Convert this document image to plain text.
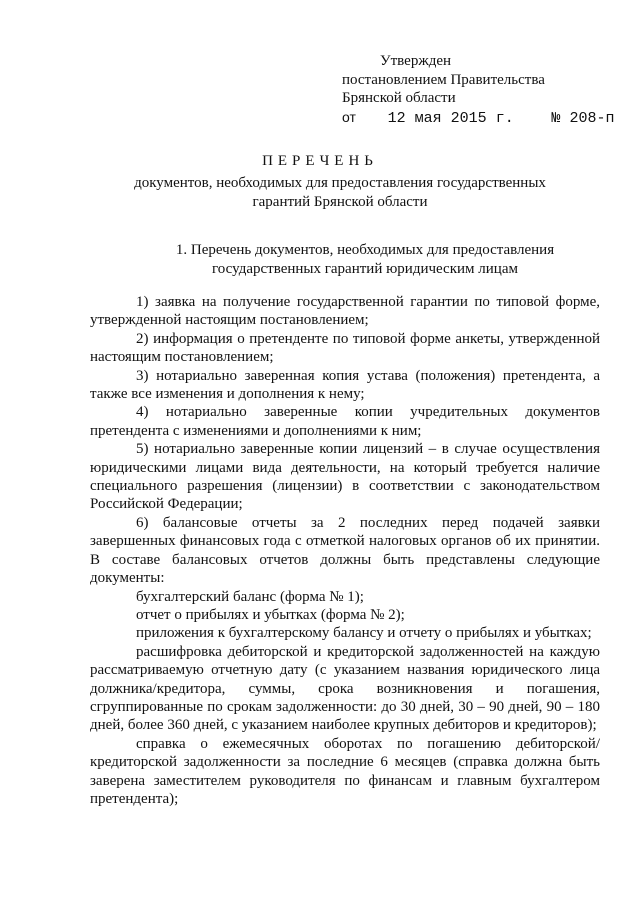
Утвержден
постановлением Правительства
Брянской области
от 12 мая 2015 г.	№ 208-п
ПЕРЕЧЕНЬ
документов, необходимых для предоставления государственных гарантий Брянской области
1. Перечень документов, необходимых для предоставления государственных гарантий юридическим лицам

1) заявка на получение государственной гарантии по типовой форме, утвержденной настоящим постановлением;

2) информация о претенденте по типовой форме анкеты, утвержденной настоящим постановлением;

3) нотариально заверенная копия устава (положения) претендента, а также все изменения и дополнения к нему;

4) нотариально заверенные копии учредительных документов претендента с изменениями и дополнениями к ним;

5) нотариально заверенные копии лицензий – в случае осуществления юридическими лицами вида деятельности, на который требуется наличие специального разрешения (лицензии) в соответствии с законодательством Российской Федерации;

6) балансовые отчеты за 2 последних перед подачей заявки завершенных финансовых года с отметкой налоговых органов об их принятии. В составе балансовых отчетов должны быть представлены следующие документы:

бухгалтерский баланс (форма № 1);

отчет о прибылях и убытках (форма № 2);

приложения к бухгалтерскому балансу и отчету о прибылях и убытках;

расшифровка дебиторской и кредиторской задолженностей на каждую рассматриваемую отчетную дату (с указанием названия юридического лица должника/кредитора, суммы, срока возникновения и погашения, сгруппированные по срокам задолженности: до 30 дней, 30 – 90 дней, 90 – 180 дней, более 360 дней, с указанием наиболее крупных дебиторов и кредиторов);

справка о ежемесячных оборотах по погашению дебиторской/кредиторской задолженности за последние 6 месяцев (справка должна быть заверена заместителем руководителя по финансам и главным бухгалтером претендента);
